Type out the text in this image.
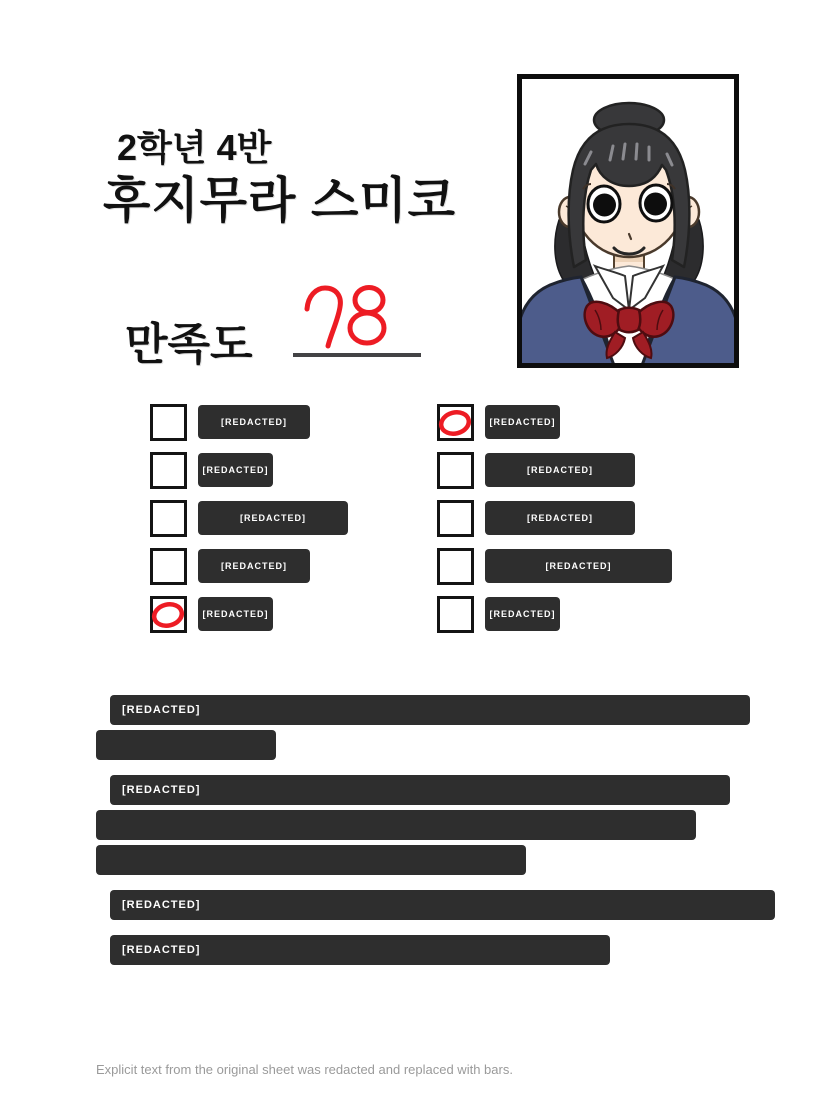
2학년 4반
후지무라 스미코
만족도
[REDACTED]
[REDACTED]
[REDACTED]
[REDACTED]
[REDACTED]
[REDACTED]
[REDACTED]
[REDACTED]
[REDACTED]
[REDACTED]
[REDACTED]
[REDACTED]
[REDACTED]
[REDACTED]
Explicit text from the original sheet was redacted and replaced with bars.
